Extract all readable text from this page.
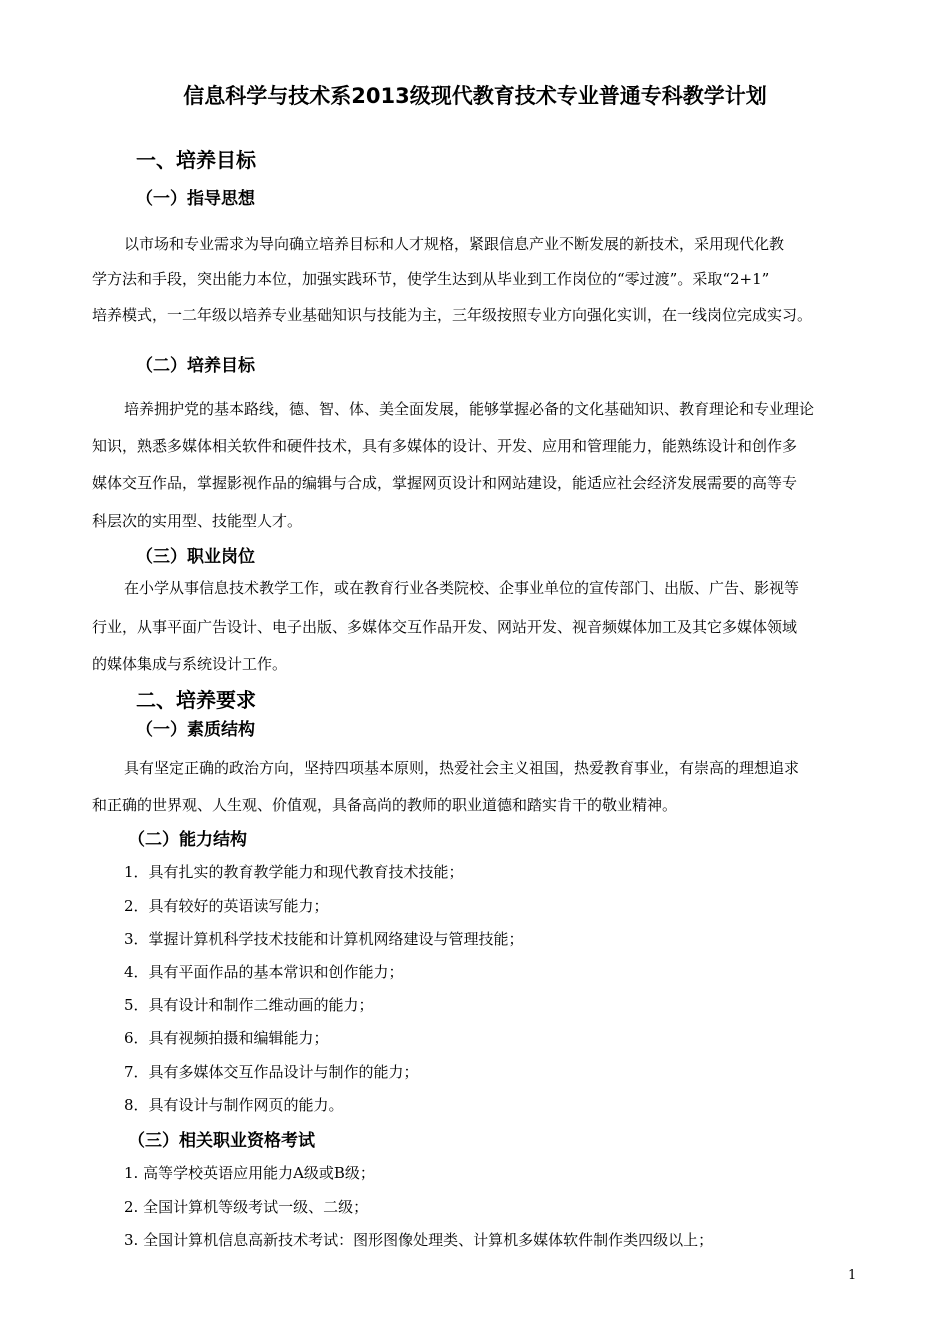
信息科学与技术系2013级现代教育技术专业普通专科教学计划
一、培养目标
（一）指导思想
以市场和专业需求为导向确立培养目标和人才规格，紧跟信息产业不断发展的新技术，采用现代化教
学方法和手段，突出能力本位，加强实践环节，使学生达到从毕业到工作岗位的“零过渡”。采取“2+1”
培养模式，一二年级以培养专业基础知识与技能为主，三年级按照专业方向强化实训，在一线岗位完成实习。
（二）培养目标
培养拥护党的基本路线，德、智、体、美全面发展，能够掌握必备的文化基础知识、教育理论和专业理论
知识，熟悉多媒体相关软件和硬件技术，具有多媒体的设计、开发、应用和管理能力，能熟练设计和创作多
媒体交互作品，掌握影视作品的编辑与合成，掌握网页设计和网站建设，能适应社会经济发展需要的高等专
科层次的实用型、技能型人才。
（三）职业岗位
在小学从事信息技术教学工作，或在教育行业各类院校、企事业单位的宣传部门、出版、广告、影视等
行业，从事平面广告设计、电子出版、多媒体交互作品开发、网站开发、视音频媒体加工及其它多媒体领域
的媒体集成与系统设计工作。
二、培养要求
（一）素质结构
具有坚定正确的政治方向，坚持四项基本原则，热爱社会主义祖国，热爱教育事业，有崇高的理想追求
和正确的世界观、人生观、价值观，具备高尚的教师的职业道德和踏实肯干的敬业精神。
（二）能力结构
1．具有扎实的教育教学能力和现代教育技术技能；
2．具有较好的英语读写能力；
3．掌握计算机科学技术技能和计算机网络建设与管理技能；
4．具有平面作品的基本常识和创作能力；
5．具有设计和制作二维动画的能力；
6．具有视频拍摄和编辑能力；
7．具有多媒体交互作品设计与制作的能力；
8．具有设计与制作网页的能力。
（三）相关职业资格考试
1. 高等学校英语应用能力A级或B级；
2. 全国计算机等级考试一级、二级；
3. 全国计算机信息高新技术考试：图形图像处理类、计算机多媒体软件制作类四级以上；
1
